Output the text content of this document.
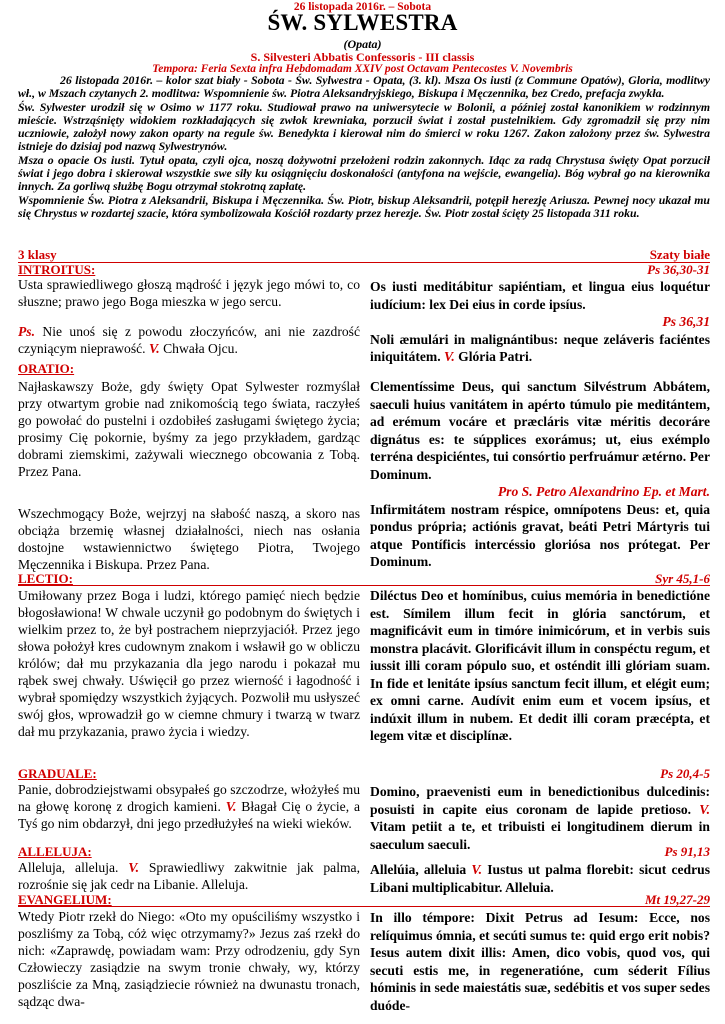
26 listopada 2016r. – Sobota
ŚW. SYLWESTRA
(Opata)
S. Silvesteri Abbatis Confessoris - III classis
Tempora: Feria Sexta infra Hebdomadam XXIV post Octavam Pentecostes V. Novembris

26 listopada 2016r. – kolor szat biały - Sobota - Św. Sylwestra - Opata, (3. kl). Msza Os iusti (z Commune Opatów), Gloria, modlitwy wł., w Mszach czytanych 2. modlitwa: Wspomnienie św. Piotra Aleksandryjskiego, Biskupa i Męczennika, bez Credo, prefacja zwykła.

Św. Sylwester urodził się w Osimo w 1177 roku. Studiował prawo na uniwersytecie w Bolonii, a później został kanonikiem w rodzinnym mieście. Wstrząśnięty widokiem rozkładających się zwłok krewniaka, porzucił świat i został pustelnikiem. Gdy zgromadził się przy nim uczniowie, założył nowy zakon oparty na regule św. Benedykta i kierował nim do śmierci w roku 1267. Zakon założony przez św. Sylwestra istnieje do dzisiaj pod nazwą Sylwestrynów.

Msza o opacie Os iusti. Tytuł opata, czyli ojca, noszą dożywotni przełożeni rodzin zakonnych. Idąc za radą Chrystusa święty Opat porzucił świat i jego dobra i skierował wszystkie swe siły ku osiągnięciu doskonałości (antyfona na wejście, ewangelia). Bóg wybrał go na kierownika innych. Za gorliwą służbę Bogu otrzymał stokrotną zapłatę.

Wspomnienie Św. Piotra z Aleksandrii, Biskupa i Męczennika. Św. Piotr, biskup Aleksandrii, potępił herezję Ariusza. Pewnej nocy ukazał mu się Chrystus w rozdartej szacie, która symbolizowała Kościół rozdarty przez herezje. Św. Piotr został ścięty 25 listopada 311 roku.

3 klasy	Szaty białe
INTROITUS:	Ps 36,30-31

Usta sprawiedliwego głoszą mądrość i język jego mówi to, co słuszne; prawo jego Boga mieszka w jego sercu.

Ps. Nie unoś się z powodu złoczyńców, ani nie zazdrość czyniącym nieprawość. V. Chwała Ojcu.

Os iusti meditábitur sapiéntiam, et lingua eius loquétur iudícium: lex Dei eius in corde ipsíus.

Ps 36,31

Noli æmulári in malignántibus: neque zeláveris faciéntes iniquitátem. V. Glória Patri.

ORATIO:

Najłaskawszy Boże, gdy święty Opat Sylwester rozmyślał przy otwartym grobie nad znikomością tego świata, raczyłeś go powołać do pustelni i ozdobiłeś zasługami świętego życia; prosimy Cię pokornie, byśmy za jego przykładem, gardząc dobrami ziemskimi, zażywali wiecznego obcowania z Tobą. Przez Pana.

Clementíssime Deus, qui sanctum Silvéstrum Abbátem, saeculi huius vanitátem in apérto túmulo pie meditántem, ad erémum vocáre et præcláris vitæ méritis decoráre dignátus es: te súpplices exorámus; ut, eius exémplo terréna despiciéntes, tui consórtio perfruámur ætérno. Per Dominum.

Pro S. Petro Alexandrino Ep. et Mart.

Infirmitátem nostram réspice, omnípotens Deus: et, quia pondus própria; actiónis gravat, beáti Petri Mártyris tui atque Pontíficis intercéssio gloriósa nos prótegat. Per Dominum.

Wszechmogący Boże, wejrzyj na słabość naszą, a skoro nas obciąża brzemię własnej działalności, niech nas osłania dostojne wstawiennictwo świętego Piotra, Twojego Męczennika i Biskupa. Przez Pana.

LECTIO:	Syr 45,1-6

Umiłowany przez Boga i ludzi, którego pamięć niech będzie błogosławiona! W chwale uczynił go podobnym do świętych i wielkim przez to, że był postrachem nieprzyjaciół. Przez jego słowa położył kres cudownym znakom i wsławił go w obliczu królów; dał mu przykazania dla jego narodu i pokazał mu rąbek swej chwały. Uświęcił go przez wierność i łagodność i wybrał spomiędzy wszystkich żyjących. Pozwolił mu usłyszeć swój głos, wprowadził go w ciemne chmury i twarzą w twarz dał mu przykazania, prawo życia i wiedzy.

Diléctus Deo et homínibus, cuius memória in benedictióne est. Símilem illum fecit in glória sanctórum, et magnificávit eum in timóre inimicórum, et in verbis suis monstra placávit. Glorificávit illum in conspéctu regum, et iussit illi coram pópulo suo, et osténdit illi glóriam suam. In fide et lenitáte ipsíus sanctum fecit illum, et elégit eum; ex omni carne. Audívit enim eum et vocem ipsíus, et indúxit illum in nubem. Et dedit illi coram præcépta, et legem vitæ et disciplínæ.

GRADUALE:	Ps 20,4-5

Panie, dobrodziejstwami obsypałeś go szczodrze, włożyłeś mu na głowę koronę z drogich kamieni. V. Błagał Cię o życie, a Tyś go nim obdarzył, dni jego przedłużyłeś na wieki wieków.

Domino, praevenisti eum in benedictionibus dulcedinis: posuisti in capite eius coronam de lapide pretioso. V. Vitam petiit a te, et tribuisti ei longitudinem dierum in saeculum saeculi.

ALLELUJA:	Ps 91,13

Alleluja, alleluja. V. Sprawiedliwy zakwitnie jak palma, rozrośnie się jak cedr na Libanie. Alleluja.

Allelúia, alleluia V. Iustus ut palma florebit: sicut cedrus Libani multiplicabitur. Alleluia.

EVANGELIUM:	Mt 19,27-29

Wtedy Piotr rzekł do Niego: «Oto my opuściliśmy wszystko i poszliśmy za Tobą, cóż więc otrzymamy?» Jezus zaś rzekł do nich: «Zaprawdę, powiadam wam: Przy odrodzeniu, gdy Syn Człowieczy zasiądzie na swym tronie chwały, wy, którzy poszliście za Mną, zasiądziecie również na dwunastu tronach, sądząc dwa-

In illo témpore: Dixit Petrus ad Iesum: Ecce, nos relíquimus ómnia, et secúti sumus te: quid ergo erit nobis? Iesus autem dixit illis: Amen, dico vobis, quod vos, qui secuti estis me, in regeneratióne, cum séderit Fílius hóminis in sede maiestátis suæ, sedébitis et vos super sedes duóde-
